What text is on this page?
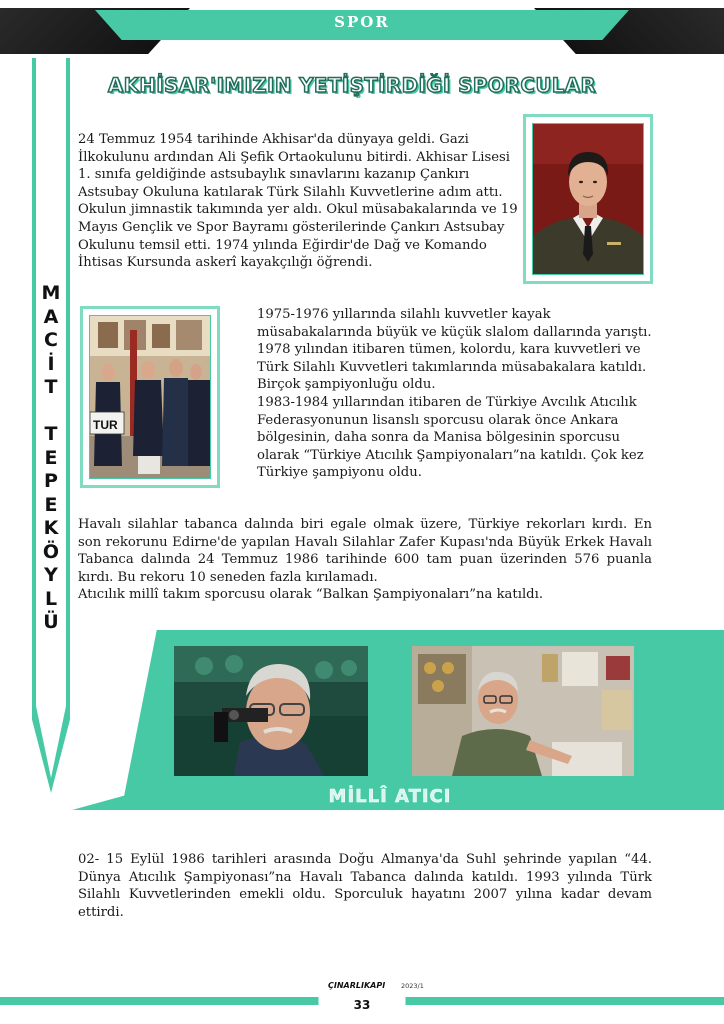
SPOR
M
A
C
İ
T
T
E
P
E
K
Ö
Y
L
Ü
AKHİSAR'IMIZIN YETİŞTİRDİĞİ SPORCULAR

24 Temmuz 1954 tarihinde Akhisar'da dünyaya geldi. Gazi İlkokulunu ardından Ali Şefik Ortaokulunu bitirdi. Akhisar Lisesi 1. sınıfa geldiğinde astsubaylık sınavlarını kazanıp Çankırı Astsubay Okuluna katılarak Türk Silahlı Kuvvetlerine adım attı. Okulun jimnastik takımında yer aldı. Okul müsabakalarında ve 19 Mayıs Gençlik ve Spor Bayramı gösterilerinde Çankırı Astsubay Okulunu temsil etti. 1974 yılında Eğirdir'de Dağ ve Komando İhtisas Kursunda askerî kayakçılığı öğrendi.

TUR

1975-1976 yıllarında silahlı kuvvetler kayak müsabakalarında büyük ve küçük slalom dallarında yarıştı. 1978 yılından itibaren tümen, kolordu, kara kuvvetleri ve Türk Silahlı Kuvvetleri takımlarında müsabakalara katıldı. Birçok şampiyonluğu oldu.

1983-1984 yıllarından itibaren de Türkiye Avcılık Atıcılık Federasyonunun lisanslı sporcusu olarak önce Ankara bölgesinin, daha sonra da Manisa bölgesinin sporcusu olarak “Türkiye Atıcılık Şampiyonaları”na katıldı. Çok kez Türkiye şampiyonu oldu.

Havalı silahlar tabanca dalında biri egale olmak üzere, Türkiye rekorları kırdı. En son rekorunu Edirne'de yapılan Havalı Silahlar Zafer Kupası'nda Büyük Erkek Havalı Tabanca dalında 24 Temmuz 1986 tarihinde 600 tam puan üzerinden 576 puanla kırdı. Bu rekoru 10 seneden fazla kırılamadı.

Atıcılık millî takım sporcusu olarak “Balkan Şampiyonaları”na katıldı.

MİLLÎ ATICI

02- 15 Eylül 1986 tarihleri arasında Doğu Almanya'da Suhl şehrinde yapılan “44. Dünya Atıcılık Şampiyonası”na Havalı Tabanca dalında katıldı. 1993 yılında Türk Silahlı Kuvvetlerinden emekli oldu. Sporculuk hayatını 2007 yılına kadar devam ettirdi.

ÇINARLIKAPI 2023/1
33
